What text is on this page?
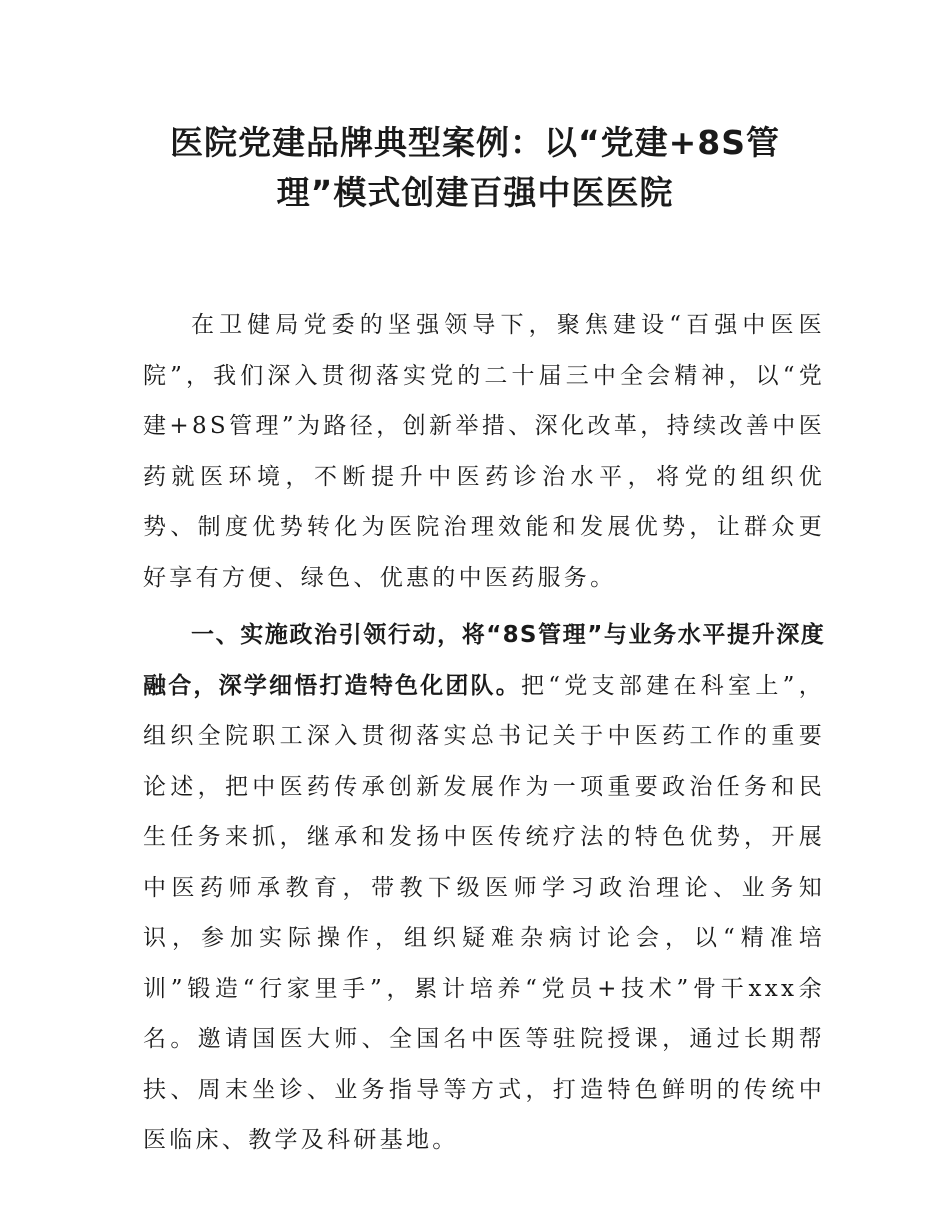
医院党建品牌典型案例：以“党建+8S管理”模式创建百强中医医院

在卫健局党委的坚强领导下，聚焦建设“百强中医医院”，我们深入贯彻落实党的二十届三中全会精神，以“党建+8S管理”为路径，创新举措、深化改革，持续改善中医药就医环境，不断提升中医药诊治水平，将党的组织优势、制度优势转化为医院治理效能和发展优势，让群众更好享有方便、绿色、优惠的中医药服务。

一、实施政治引领行动，将“8S管理”与业务水平提升深度融合，深学细悟打造特色化团队。把“党支部建在科室上”，组织全院职工深入贯彻落实总书记关于中医药工作的重要论述，把中医药传承创新发展作为一项重要政治任务和民生任务来抓，继承和发扬中医传统疗法的特色优势，开展中医药师承教育，带教下级医师学习政治理论、业务知识，参加实际操作，组织疑难杂病讨论会，以“精准培训”锻造“行家里手”，累计培养“党员+技术”骨干xxx余名。邀请国医大师、全国名中医等驻院授课，通过长期帮扶、周末坐诊、业务指导等方式，打造特色鲜明的传统中医临床、教学及科研基地。
